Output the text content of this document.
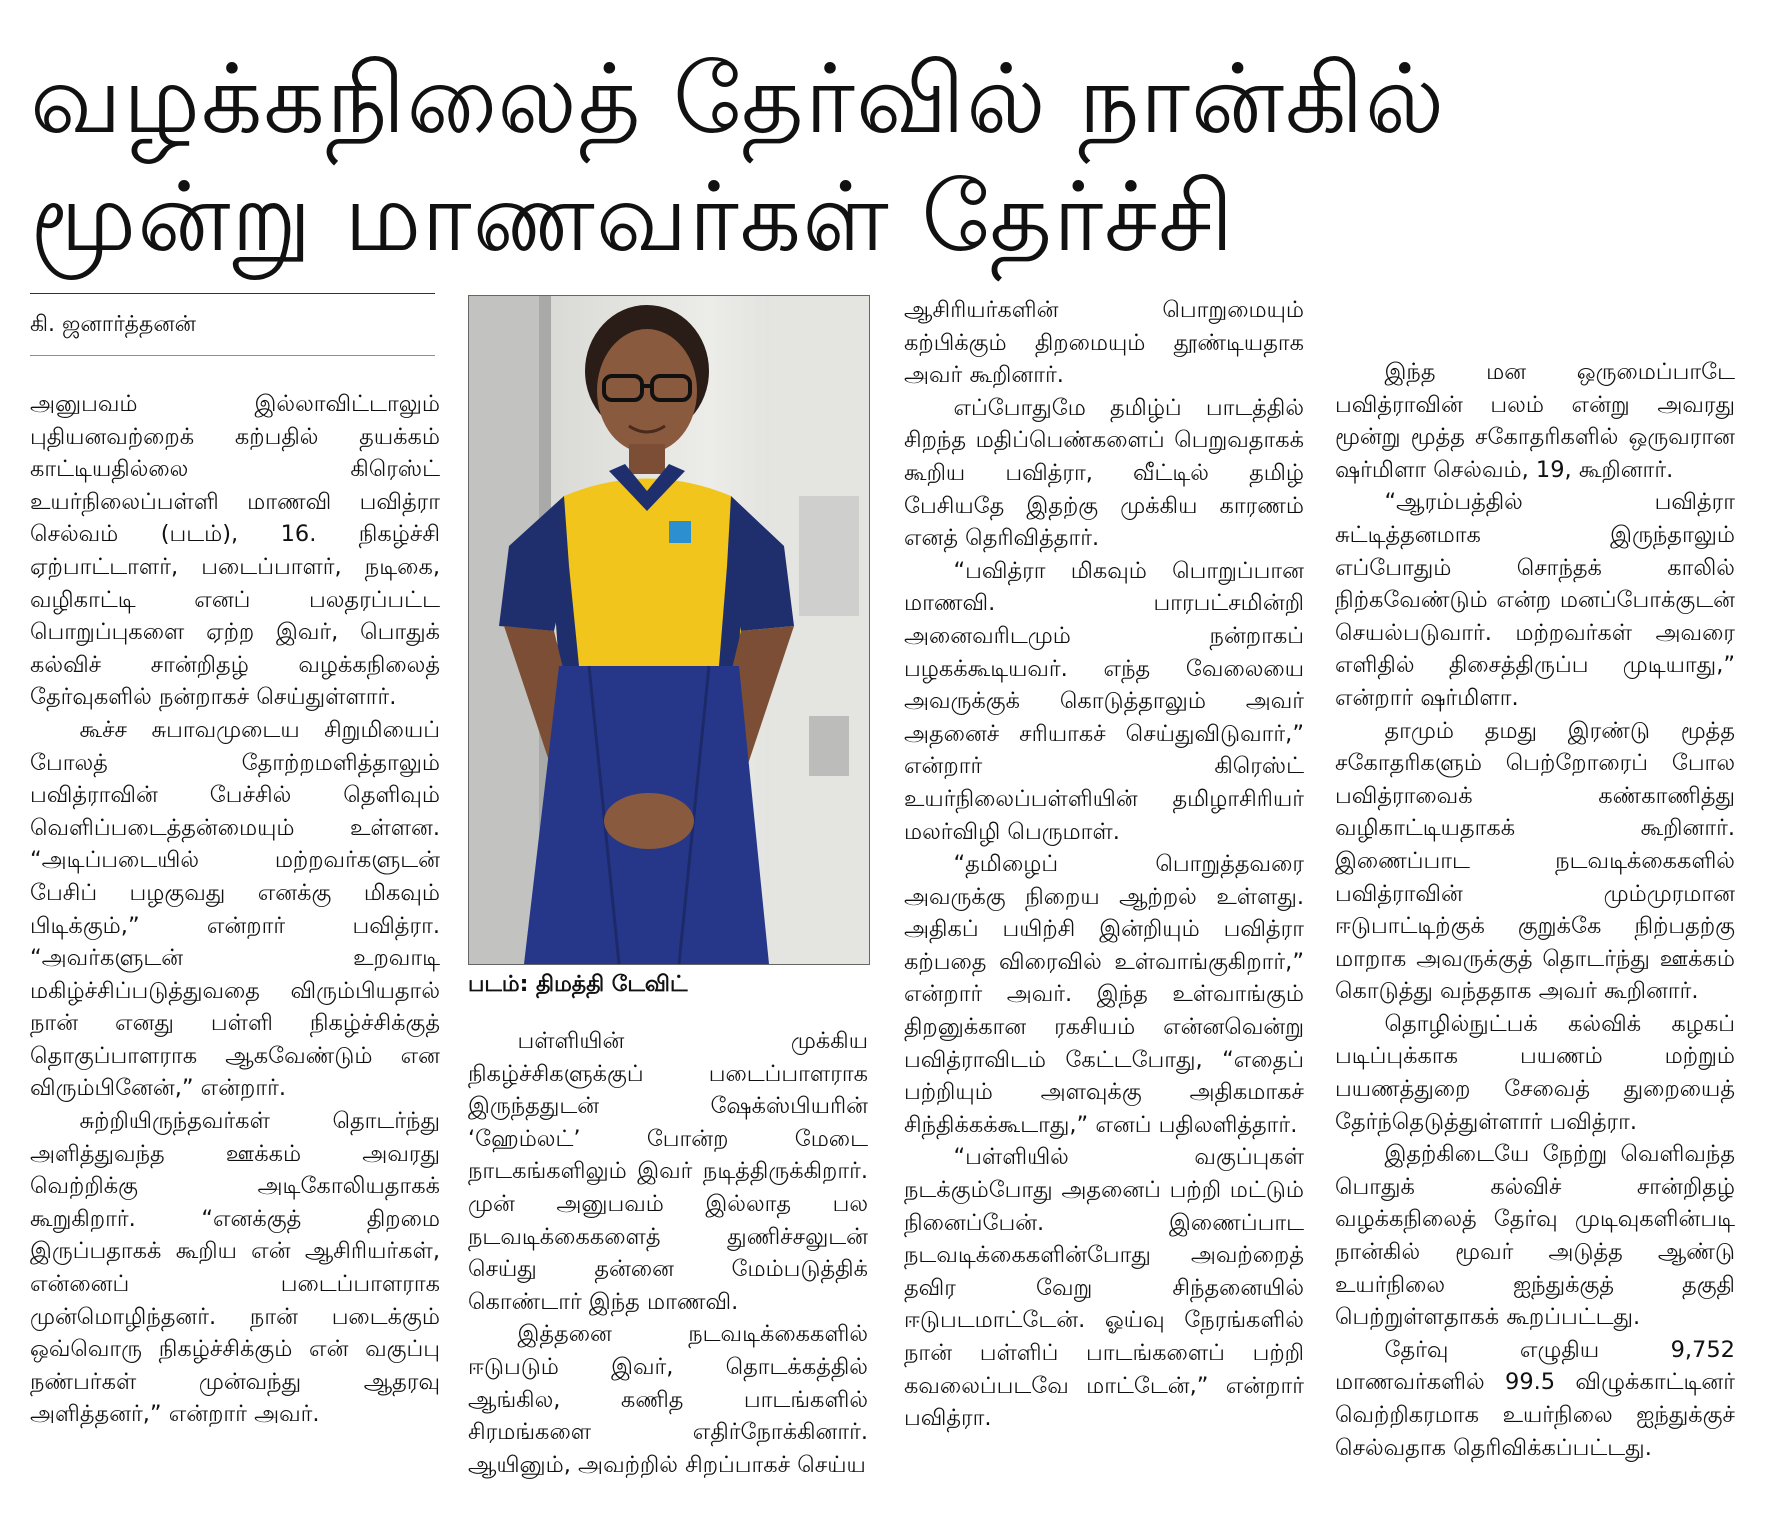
வழக்கநிலைத் தேர்வில் நான்கில்
மூன்று மாணவர்கள் தேர்ச்சி
கி. ஜனார்த்தனன்

அனுபவம் இல்லாவிட்டாலும் புதியனவற்றைக் கற்பதில் தயக்கம் காட்டியதில்லை கிரெஸ்ட் உயர்நிலைப்பள்ளி மாணவி பவித்ரா செல்வம் (படம்), 16. நிகழ்ச்சி ஏற்பாட்டாளர், படைப்பாளர், நடிகை, வழிகாட்டி எனப் பலதரப்பட்ட பொறுப்புகளை ஏற்ற இவர், பொதுக் கல்விச் சான்றிதழ் வழக்கநிலைத் தேர்வுகளில் நன்றாகச் செய்துள்ளார்.

கூச்ச சுபாவமுடைய சிறுமியைப் போலத் தோற்றமளித்தாலும் பவித்ராவின் பேச்சில் தெளிவும் வெளிப்படைத்தன்மையும் உள்ளன. “அடிப்படையில் மற்றவர்களுடன் பேசிப் பழகுவது எனக்கு மிகவும் பிடிக்கும்,” என்றார் பவித்ரா. “அவர்களுடன் உறவாடி மகிழ்ச்சிப்படுத்துவதை விரும்பியதால் நான் எனது பள்ளி நிகழ்ச்சிக்குத் தொகுப்பாளராக ஆகவேண்டும் என விரும்பினேன்,” என்றார்.

சுற்றியிருந்தவர்கள் தொடர்ந்து அளித்துவந்த ஊக்கம் அவரது வெற்றிக்கு அடிகோலியதாகக் கூறுகிறார். “எனக்குத் திறமை இருப்பதாகக் கூறிய என் ஆசிரியர்கள், என்னைப் படைப்பாளராக முன்மொழிந்தனர். நான் படைக்கும் ஒவ்வொரு நிகழ்ச்சிக்கும் என் வகுப்பு நண்பர்கள் முன்வந்து ஆதரவு அளித்தனர்,” என்றார் அவர்.

படம்: திமத்தி டேவிட்

பள்ளியின் முக்கிய நிகழ்ச்சிகளுக்குப் படைப்பாளராக இருந்ததுடன் ஷேக்ஸ்பியரின் ‘ஹேம்லட்’ போன்ற மேடை நாடகங்களிலும் இவர் நடித்திருக்கிறார். முன் அனுபவம் இல்லாத பல நடவடிக்கைகளைத் துணிச்சலுடன் செய்து தன்னை மேம்படுத்திக் கொண்டார் இந்த மாணவி.

இத்தனை நடவடிக்கைகளில் ஈடுபடும் இவர், தொடக்கத்தில் ஆங்கில, கணித பாடங்களில் சிரமங்களை எதிர்நோக்கினார். ஆயினும், அவற்றில் சிறப்பாகச் செய்ய

ஆசிரியர்களின் பொறுமையும் கற்பிக்கும் திறமையும் தூண்டியதாக அவர் கூறினார்.

எப்போதுமே தமிழ்ப் பாடத்தில் சிறந்த மதிப்பெண்களைப் பெறுவதாகக் கூறிய பவித்ரா, வீட்டில் தமிழ் பேசியதே இதற்கு முக்கிய காரணம் எனத் தெரிவித்தார்.

“பவித்ரா மிகவும் பொறுப்பான மாணவி. பாரபட்சமின்றி அனைவரிடமும் நன்றாகப் பழகக்கூடியவர். எந்த வேலையை அவருக்குக் கொடுத்தாலும் அவர் அதனைச் சரியாகச் செய்துவிடுவார்,” என்றார் கிரெஸ்ட் உயர்நிலைப்பள்ளியின் தமிழாசிரியர் மலர்விழி பெருமாள்.

“தமிழைப் பொறுத்தவரை அவருக்கு நிறைய ஆற்றல் உள்ளது. அதிகப் பயிற்சி இன்றியும் பவித்ரா கற்பதை விரைவில் உள்வாங்குகிறார்,” என்றார் அவர். இந்த உள்வாங்கும் திறனுக்கான ரகசியம் என்னவென்று பவித்ராவிடம் கேட்டபோது, “எதைப் பற்றியும் அளவுக்கு அதிகமாகச் சிந்திக்கக்கூடாது,” எனப் பதிலளித்தார்.

“பள்ளியில் வகுப்புகள் நடக்கும்போது அதனைப் பற்றி மட்டும் நினைப்பேன். இணைப்பாட நடவடிக்கைகளின்போது அவற்றைத் தவிர வேறு சிந்தனையில் ஈடுபடமாட்டேன். ஓய்வு நேரங்களில் நான் பள்ளிப் பாடங்களைப் பற்றி கவலைப்படவே மாட்டேன்,” என்றார் பவித்ரா.

இந்த மன ஒருமைப்பாடே பவித்ராவின் பலம் என்று அவரது மூன்று மூத்த சகோதரிகளில் ஒருவரான ஷர்மிளா செல்வம், 19, கூறினார்.

“ஆரம்பத்தில் பவித்ரா சுட்டித்தனமாக இருந்தாலும் எப்போதும் சொந்தக் காலில் நிற்கவேண்டும் என்ற மனப்போக்குடன் செயல்படுவார். மற்றவர்கள் அவரை எளிதில் திசைத்திருப்ப முடியாது,” என்றார் ஷர்மிளா.

தாமும் தமது இரண்டு மூத்த சகோதரிகளும் பெற்றோரைப் போல பவித்ராவைக் கண்காணித்து வழிகாட்டியதாகக் கூறினார். இணைப்பாட நடவடிக்கைகளில் பவித்ராவின் மும்முரமான ஈடுபாட்டிற்குக் குறுக்கே நிற்பதற்கு மாறாக அவருக்குத் தொடர்ந்து ஊக்கம் கொடுத்து வந்ததாக அவர் கூறினார்.

தொழில்நுட்பக் கல்விக் கழகப் படிப்புக்காக பயணம் மற்றும் பயணத்துறை சேவைத் துறையைத் தேர்ந்தெடுத்துள்ளார் பவித்ரா.

இதற்கிடையே நேற்று வெளிவந்த பொதுக் கல்விச் சான்றிதழ் வழக்கநிலைத் தேர்வு முடிவுகளின்படி நான்கில் மூவர் அடுத்த ஆண்டு உயர்நிலை ஐந்துக்குத் தகுதி பெற்றுள்ளதாகக் கூறப்பட்டது.

தேர்வு எழுதிய 9,752 மாணவர்களில் 99.5 விழுக்காட்டினர் வெற்றிகரமாக உயர்நிலை ஐந்துக்குச் செல்வதாக தெரிவிக்கப்பட்டது.
